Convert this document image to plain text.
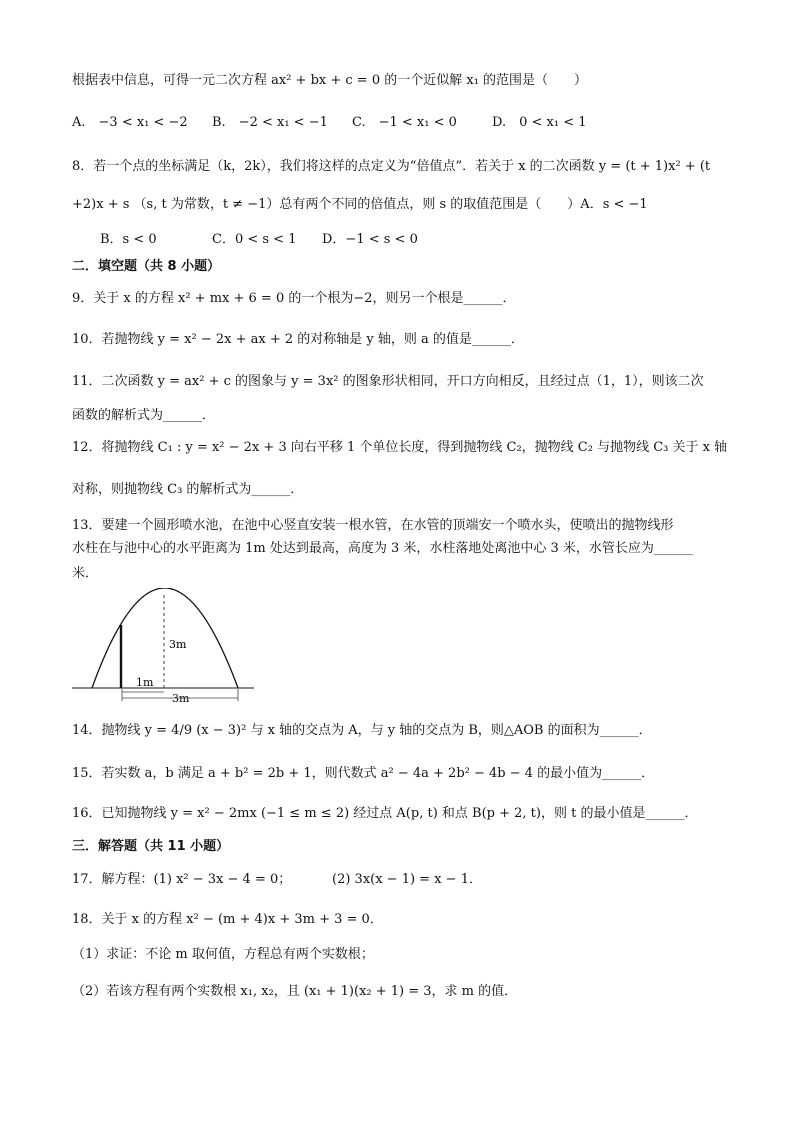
根据表中信息，可得一元二次方程 ax² + bx + c = 0 的一个近似解 x₁ 的范围是（　　）
A.　−3 < x₁ < −2 B.　−2 < x₁ < −1 C.　−1 < x₁ < 0	D.　0 < x₁ < 1
8．若一个点的坐标满足（k，2k），我们将这样的点定义为“倍值点”．若关于 x 的二次函数 y = (t + 1)x² + (t
+2)x + s （s, t 为常数，t ≠ −1）总有两个不同的倍值点，则 s 的取值范围是（　　）A．s < −1
B．s < 0	C．0 < s < 1 D．−1 < s < 0
二．填空题（共 8 小题）
9．关于 x 的方程 x² + mx + 6 = 0 的一个根为−2，则另一个根是______．
10．若抛物线 y = x² − 2x + ax + 2 的对称轴是 y 轴，则 a 的值是______．
11．二次函数 y = ax² + c 的图象与 y = 3x² 的图象形状相同，开口方向相反，且经过点（1，1），则该二次
函数的解析式为______．
12．将抛物线 C₁ : y = x² − 2x + 3 向右平移 1 个单位长度，得到抛物线 C₂，抛物线 C₂ 与抛物线 C₃ 关于 x 轴
对称，则抛物线 C₃ 的解析式为______．
13．要建一个圆形喷水池，在池中心竖直安装一根水管，在水管的顶端安一个喷水头，使喷出的抛物线形
水柱在与池中心的水平距离为 1m 处达到最高，高度为 3 米，水柱落地处离池中心 3 米，水管长应为______
米．
3m
1m
3m
14．抛物线 y = 4/9 (x − 3)² 与 x 轴的交点为 A，与 y 轴的交点为 B，则△AOB 的面积为______．
15．若实数 a，b 满足 a + b² = 2b + 1，则代数式 a² − 4a + 2b² − 4b − 4 的最小值为______．
16．已知抛物线 y = x² − 2mx (−1 ≤ m ≤ 2) 经过点 A(p, t) 和点 B(p + 2, t)，则 t 的最小值是______．
三．解答题（共 11 小题）
17．解方程：(1) x² − 3x − 4 = 0；	(2) 3x(x − 1) = x − 1．
18．关于 x 的方程 x² − (m + 4)x + 3m + 3 = 0．
（1）求证：不论 m 取何值，方程总有两个实数根；
（2）若该方程有两个实数根 x₁, x₂，且 (x₁ + 1)(x₂ + 1) = 3，求 m 的值．
